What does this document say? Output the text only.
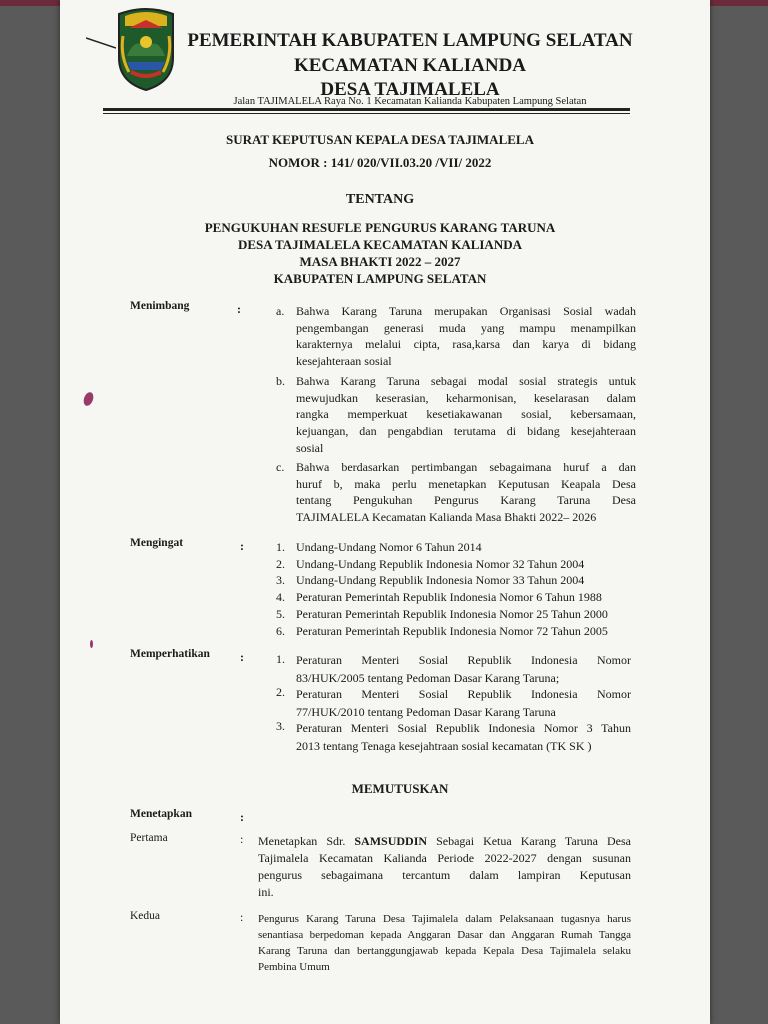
PEMERINTAH KABUPATEN LAMPUNG SELATAN
KECAMATAN KALIANDA
DESA TAJIMALELA
Jalan TAJIMALELA Raya No. 1 Kecamatan Kalianda Kabupaten Lampung Selatan
SURAT KEPUTUSAN KEPALA DESA TAJIMALELA
NOMOR : 141/ 020/VII.03.20 /VII/ 2022
TENTANG
PENGUKUHAN RESUFLE PENGURUS KARANG TARUNA
DESA TAJIMALELA KECAMATAN KALIANDA
MASA BHAKTI 2022 – 2027
KABUPATEN LAMPUNG SELATAN
Menimbang	:	a. Bahwa Karang Taruna merupakan Organisasi Sosial wadah
pengembangan generasi muda yang mampu menampilkan
karakternya melalui cipta, rasa,karsa dan karya di bidang
kesejahteraan sosial
b. Bahwa Karang Taruna sebagai modal sosial strategis untuk
mewujudkan keserasian, keharmonisan, keselarasan dalam
rangka memperkuat kesetiakawanan sosial, kebersamaan,
kejuangan, dan pengabdian terutama di bidang kesejahteraan
sosial
c. Bahwa berdasarkan pertimbangan sebagaimana huruf a dan
huruf b, maka perlu menetapkan Keputusan Keapala Desa
tentang Pengukuhan Pengurus Karang Taruna Desa
TAJIMALELA Kecamatan Kalianda Masa Bhakti 2022– 2026
Mengingat	:	1. Undang-Undang Nomor 6 Tahun 2014
2. Undang-Undang Republik Indonesia Nomor 32 Tahun 2004
3. Undang-Undang Republik Indonesia Nomor 33 Tahun 2004
4. Peraturan Pemerintah Republik Indonesia Nomor 6 Tahun 1988
5. Peraturan Pemerintah Republik Indonesia Nomor 25 Tahun 2000
6. Peraturan Pemerintah Republik Indonesia Nomor 72 Tahun 2005
Memperhatikan	:	1. Peraturan Menteri Sosial Republik Indonesia Nomor
83/HUK/2005 tentang Pedoman Dasar Karang Taruna;
2. Peraturan Menteri Sosial Republik Indonesia Nomor
77/HUK/2010 tentang Pedoman Dasar Karang Taruna
3. Peraturan Menteri Sosial Republik Indonesia Nomor 3 Tahun
2013 tentang Tenaga kesejahtraan sosial kecamatan (TK SK )
MEMUTUSKAN
Menetapkan	:
Pertama	: Menetapkan Sdr. SAMSUDDIN Sebagai Ketua Karang Taruna Desa
Tajimalela Kecamatan Kalianda Periode 2022-2027 dengan susunan
pengurus sebagaimana tercantum dalam lampiran Keputusan
ini.
Kedua	: Pengurus Karang Taruna Desa Tajimalela dalam Pelaksanaan tugasnya harus
senantiasa berpedoman kepada Anggaran Dasar dan Anggaran Rumah Tangga
Karang Taruna dan bertanggungjawab kepada Kepala Desa Tajimalela selaku
Pembina Umum
